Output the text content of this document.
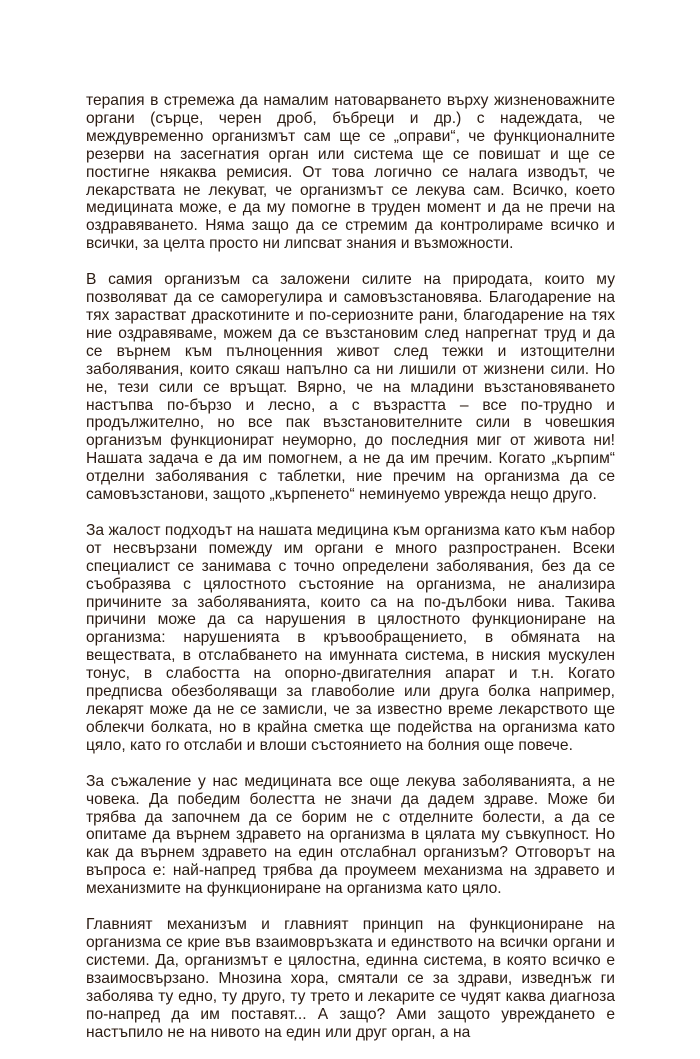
терапия в стремежа да намалим натоварването върху жизненоважните органи (сърце, черен дроб, бъбреци и др.) с надеждата, че междувременно организмът сам ще се „оправи“, че функционалните резерви на засегнатия орган или система ще се повишат и ще се постигне някаква ремисия. От това логично се налага изводът, че лекарствата не лекуват, че организмът се лекува сам. Всичко, което медицината може, е да му помогне в труден момент и да не пречи на оздравяването. Няма защо да се стремим да контролираме всичко и всички, за целта просто ни липсват знания и възможности.

В самия организъм са заложени силите на природата, които му позволяват да се саморегулира и самовъзстановява. Благодарение на тях зарастват драскотините и по-сериозните рани, благодарение на тях ние оздравяваме, можем да се възстановим след напрегнат труд и да се върнем към пълноценния живот след тежки и изтощителни заболявания, които сякаш напълно са ни лишили от жизнени сили. Но не, тези сили се връщат. Вярно, че на младини възстановяването настъпва по-бързо и лесно, а с възрастта – все по-трудно и продължително, но все пак възстановителните сили в човешкия организъм функционират неуморно, до последния миг от живота ни! Нашата задача е да им помогнем, а не да им пречим. Когато „кърпим“ отделни заболявания с таблетки, ние пречим на организма да се самовъзстанови, защото „кърпенето“ неминуемо уврежда нещо друго.

За жалост подходът на нашата медицина към организма като към набор от несвързани помежду им органи е много разпространен. Всеки специалист се занимава с точно определени заболявания, без да се съобразява с цялостното състояние на организма, не анализира причините за заболяванията, които са на по-дълбоки нива. Такива причини може да са нарушения в цялостното функциониране на организма: нарушенията в кръвообращението, в обмяната на веществата, в отслабването на имунната система, в ниския мускулен тонус, в слабостта на опорно-двигателния апарат и т.н. Когато предписва обезболяващи за главоболие или друга болка например, лекарят може да не се замисли, че за известно време лекарството ще облекчи болката, но в крайна сметка ще подейства на организма като цяло, като го отслаби и влоши състоянието на болния още повече.

За съжаление у нас медицината все още лекува заболяванията, а не човека. Да победим болестта не значи да дадем здраве. Може би трябва да започнем да се борим не с отделните болести, а да се опитаме да върнем здравето на организма в цялата му съвкупност. Но как да върнем здравето на един отслабнал организъм? Отговорът на въпроса е: най-напред трябва да проумеем механизма на здравето и механизмите на функциониране на организма като цяло.

Главният механизъм и главният принцип на функциониране на организма се крие във взаимовръзката и единството на всички органи и системи. Да, организмът е цялостна, единна система, в която всичко е взаимосвързано. Мнозина хора, смятали се за здрави, изведнъж ги заболява ту едно, ту друго, ту трето и лекарите се чудят каква диагноза по-напред да им поставят... А защо? Ами защото увреждането е настъпило не на нивото на един или друг орган, а на
